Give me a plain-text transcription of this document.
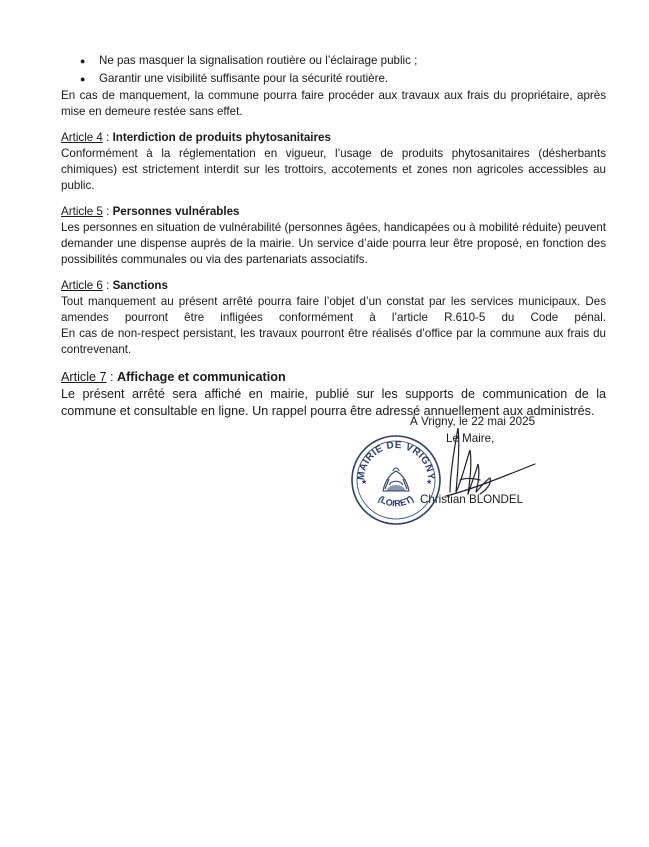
● Ne pas masquer la signalisation routière ou l’éclairage public ;
● Garantir une visibilité suffisante pour la sécurité routière.

En cas de manquement, la commune pourra faire procéder aux travaux aux frais du propriétaire, après mise en demeure restée sans effet.

Article 4 : Interdiction de produits phytosanitaires

Conformément à la réglementation en vigueur, l’usage de produits phytosanitaires (désherbants chimiques) est strictement interdit sur les trottoirs, accotements et zones non agricoles accessibles au public.

Article 5 : Personnes vulnérables

Les personnes en situation de vulnérabilité (personnes âgées, handicapées ou à mobilité réduite) peuvent demander une dispense auprès de la mairie. Un service d’aide pourra leur être proposé, en fonction des possibilités communales ou via des partenariats associatifs.

Article 6 : Sanctions

Tout manquement au présent arrêté pourra faire l’objet d’un constat par les services municipaux. Des amendes pourront être infligées conformément à l’article R.610-5 du Code pénal.

En cas de non-respect persistant, les travaux pourront être réalisés d’office par la commune aux frais du contrevenant.

Article 7 : Affichage et communication

Le présent arrêté sera affiché en mairie, publié sur les supports de communication de la commune et consultable en ligne. Un rappel pourra être adressé annuellement aux administrés.

À Vrigny, le 22 mai 2025
Le Maire,
Christian BLONDEL
MAIRIE DE VRIGNY
(LOIRET)
★	★
